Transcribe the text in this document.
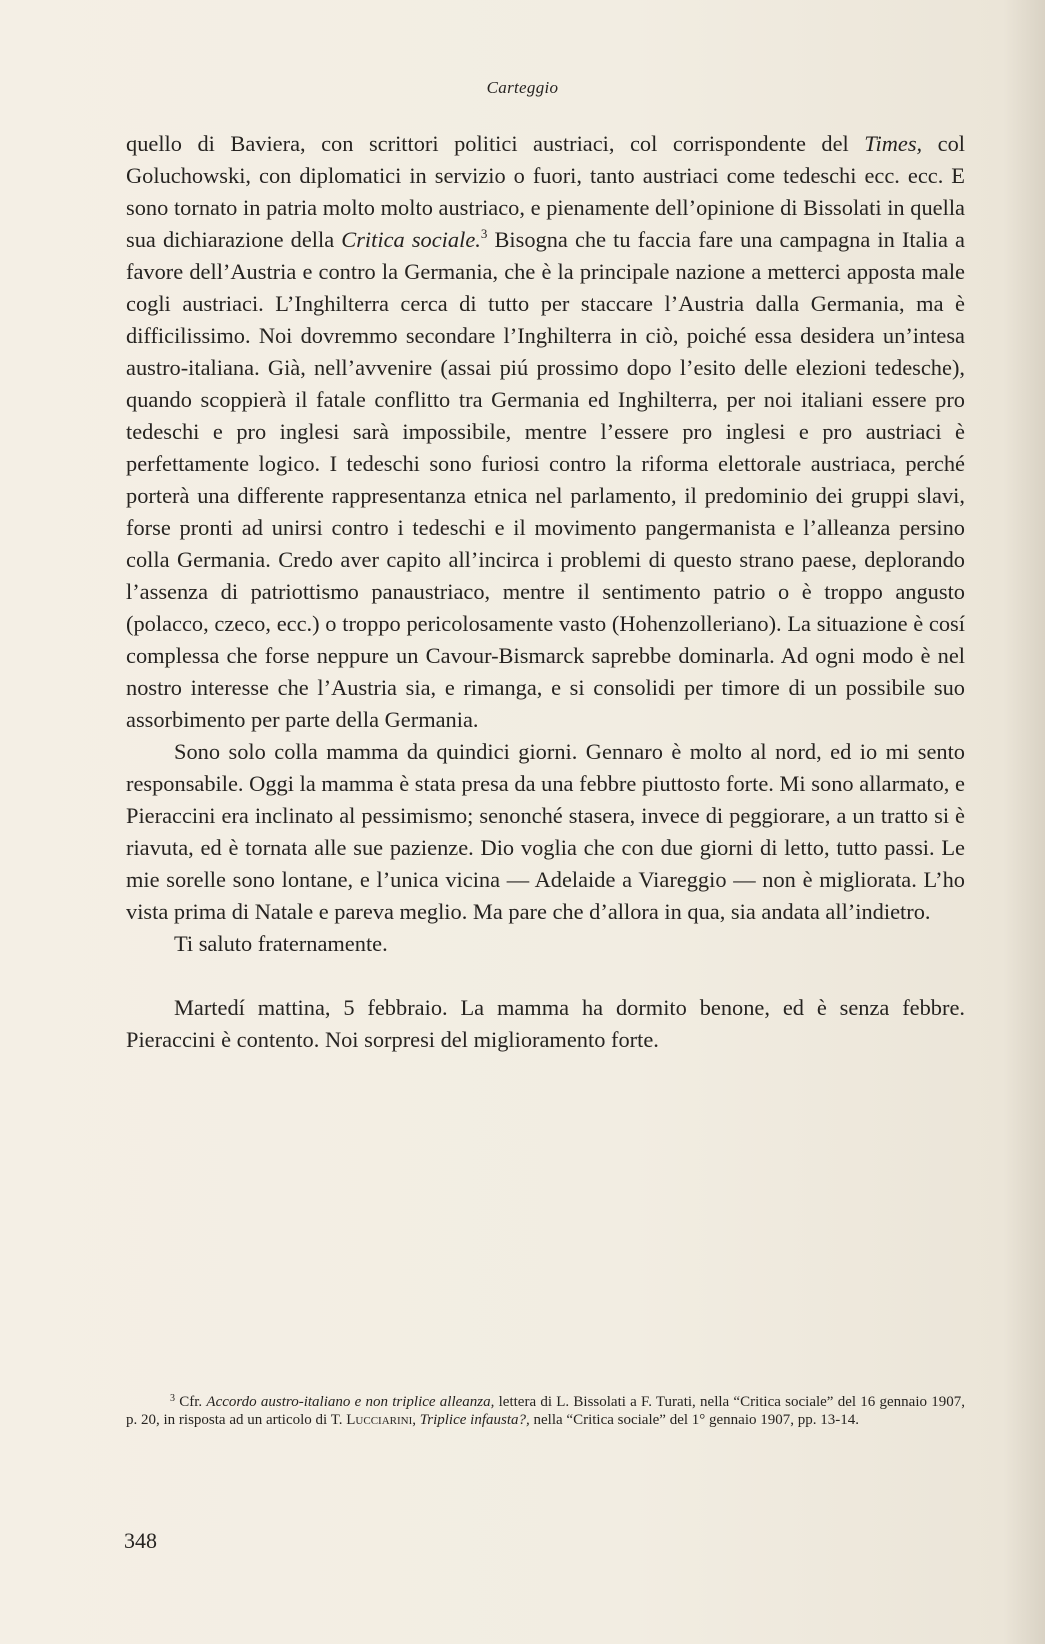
Carteggio

quello di Baviera, con scrittori politici austriaci, col corrispondente del Times, col Goluchowski, con diplomatici in servizio o fuori, tanto austriaci come tedeschi ecc. ecc. E sono tornato in patria molto molto austriaco, e pienamente dell’opinione di Bissolati in quella sua dichiarazione della Critica sociale.$^3$ Bisogna che tu faccia fare una campagna in Italia a favore dell’Austria e contro la Germania, che è la principale nazione a metterci apposta male cogli austriaci. L’Inghilterra cerca di tutto per staccare l’Austria dalla Germania, ma è difficilissimo. Noi dovremmo secondare l’Inghilterra in ciò, poiché essa desidera un’intesa austro-italiana. Già, nell’avvenire (assai piú prossimo dopo l’esito delle elezioni tedesche), quando scoppierà il fatale conflitto tra Germania ed Inghilterra, per noi italiani essere pro tedeschi e pro inglesi sarà impossibile, mentre l’essere pro inglesi e pro austriaci è perfettamente logico. I tedeschi sono furiosi contro la riforma elettorale austriaca, perché porterà una differente rappresentanza etnica nel parlamento, il predominio dei gruppi slavi, forse pronti ad unirsi contro i tedeschi e il movimento pangermanista e l’alleanza persino colla Germania. Credo aver capito all’incirca i problemi di questo strano paese, deplorando l’assenza di patriottismo panaustriaco, mentre il sentimento patrio o è troppo angusto (polacco, czeco, ecc.) o troppo pericolosamente vasto (Hohenzolleriano). La situazione è cosí complessa che forse neppure un Cavour-Bismarck saprebbe dominarla. Ad ogni modo è nel nostro interesse che l’Austria sia, e rimanga, e si consolidi per timore di un possibile suo assorbimento per parte della Germania.

Sono solo colla mamma da quindici giorni. Gennaro è molto al nord, ed io mi sento responsabile. Oggi la mamma è stata presa da una febbre piuttosto forte. Mi sono allarmato, e Pieraccini era inclinato al pessimismo; senonché stasera, invece di peggiorare, a un tratto si è riavuta, ed è tornata alle sue pazienze. Dio voglia che con due giorni di letto, tutto passi. Le mie sorelle sono lontane, e l’unica vicina — Adelaide a Viareggio — non è migliorata. L’ho vista prima di Natale e pareva meglio. Ma pare che d’allora in qua, sia andata all’indietro.

Ti saluto fraternamente.

Martedí mattina, 5 febbraio. La mamma ha dormito benone, ed è senza febbre. Pieraccini è contento. Noi sorpresi del miglioramento forte.

$^3$ Cfr. Accordo austro-italiano e non triplice alleanza, lettera di L. Bissolati a F. Turati, nella “Critica sociale” del 16 gennaio 1907, p. 20, in risposta ad un articolo di T. Lucciarini, Triplice infausta?, nella “Critica sociale” del 1° gennaio 1907, pp. 13-14.
348
